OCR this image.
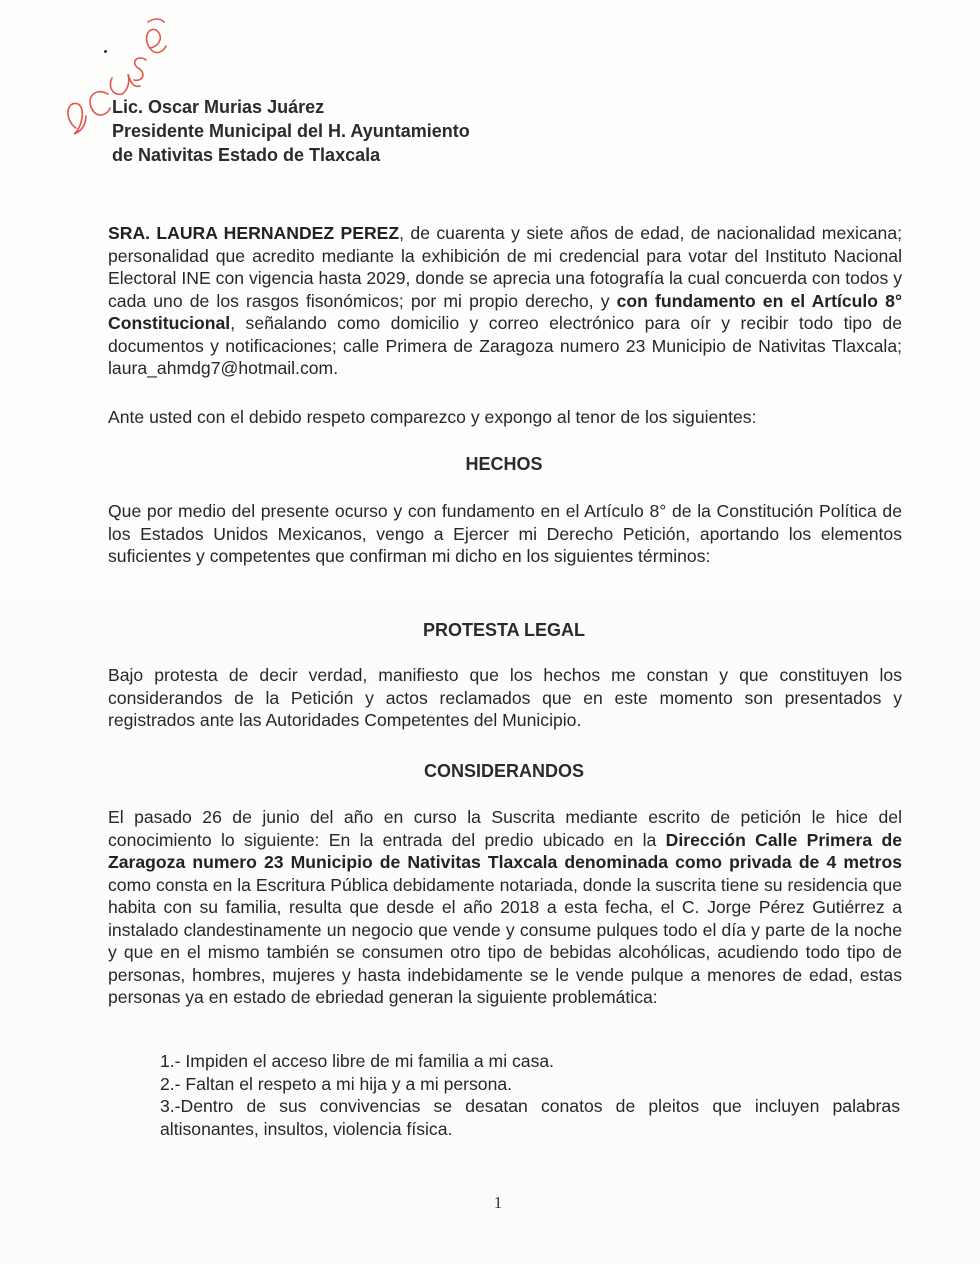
Lic. Oscar Murias Juárez
Presidente Municipal del H. Ayuntamiento
de Nativitas Estado de Tlaxcala
SRA. LAURA HERNANDEZ PEREZ, de cuarenta y siete años de edad, de nacionalidad mexicana; personalidad que acredito mediante la exhibición de mi credencial para votar del Instituto Nacional Electoral INE con vigencia hasta 2029, donde se aprecia una fotografía la cual concuerda con todos y cada uno de los rasgos fisonómicos; por mi propio derecho, y con fundamento en el Artículo 8° Constitucional, señalando como domicilio y correo electrónico para oír y recibir todo tipo de documentos y notificaciones; calle Primera de Zaragoza numero 23 Municipio de Nativitas Tlaxcala; laura_ahmdg7@hotmail.com.
Ante usted con el debido respeto comparezco y expongo al tenor de los siguientes:
HECHOS
Que por medio del presente ocurso y con fundamento en el Artículo 8° de la Constitución Política de los Estados Unidos Mexicanos, vengo a Ejercer mi Derecho Petición, aportando los elementos suficientes y competentes que confirman mi dicho en los siguientes términos:
PROTESTA LEGAL
Bajo protesta de decir verdad, manifiesto que los hechos me constan y que constituyen los considerandos de la Petición y actos reclamados que en este momento son presentados y registrados ante las Autoridades Competentes del Municipio.
CONSIDERANDOS
El pasado 26 de junio del año en curso la Suscrita mediante escrito de petición le hice del conocimiento lo siguiente: En la entrada del predio ubicado en la Dirección Calle Primera de Zaragoza numero 23 Municipio de Nativitas Tlaxcala denominada como privada de 4 metros como consta en la Escritura Pública debidamente notariada, donde la suscrita tiene su residencia que habita con su familia, resulta que desde el año 2018 a esta fecha, el C. Jorge Pérez Gutiérrez a instalado clandestinamente un negocio que vende y consume pulques todo el día y parte de la noche y que en el mismo también se consumen otro tipo de bebidas alcohólicas, acudiendo todo tipo de personas, hombres, mujeres y hasta indebidamente se le vende pulque a menores de edad, estas personas ya en estado de ebriedad generan la siguiente problemática:
1.- Impiden el acceso libre de mi familia a mi casa.
2.- Faltan el respeto a mi hija y a mi persona.
3.-Dentro de sus convivencias se desatan conatos de pleitos que incluyen palabras altisonantes, insultos, violencia física.
1
